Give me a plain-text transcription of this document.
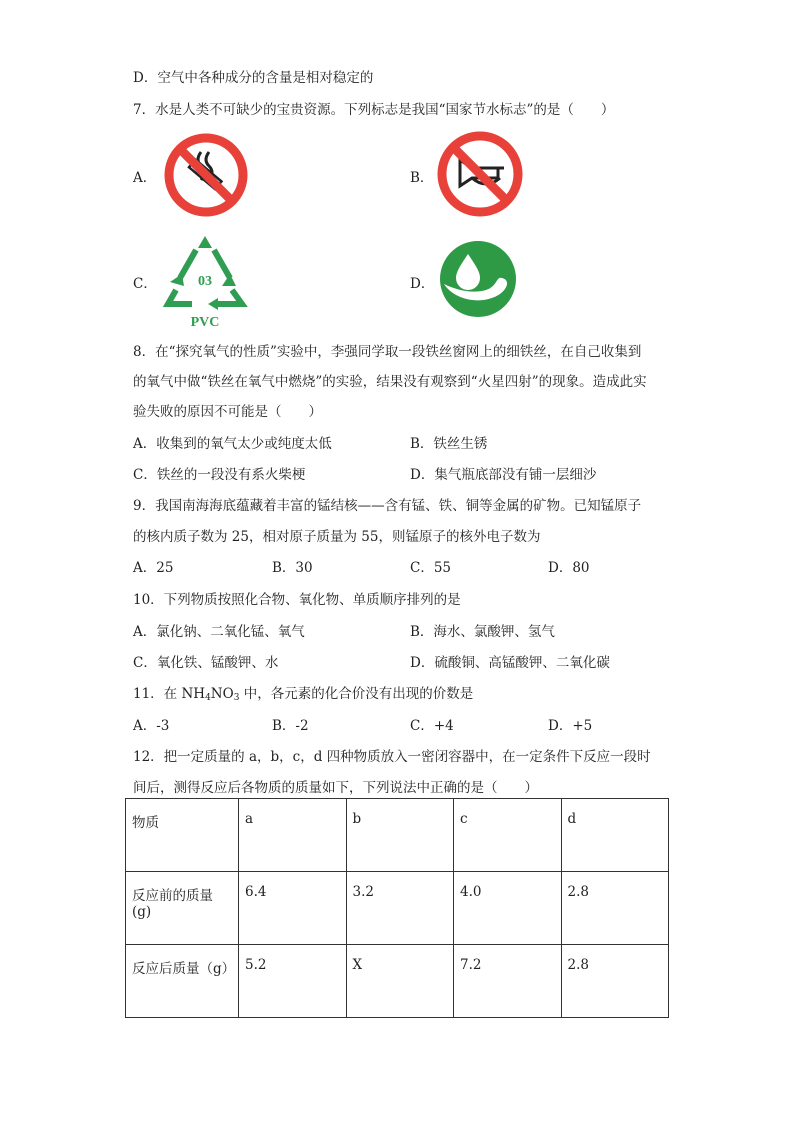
D．空气中各种成分的含量是相对稳定的
7．水是人类不可缺少的宝贵资源。下列标志是我国“国家节水标志”的是（　　）
A．	B．
C．	03
PVC
D．
8．在“探究氧气的性质”实验中，李强同学取一段铁丝窗网上的细铁丝，在自己收集到
的氧气中做“铁丝在氧气中燃烧”的实验，结果没有观察到“火星四射”的现象。造成此实
验失败的原因不可能是（　　）
A．收集到的氧气太少或纯度太低	B．铁丝生锈
C．铁丝的一段没有系火柴梗	D．集气瓶底部没有铺一层细沙
9．我国南海海底蕴藏着丰富的锰结核——含有锰、铁、铜等金属的矿物。已知锰原子
的核内质子数为 25，相对原子质量为 55，则锰原子的核外电子数为
A．25	B．30	C．55	D．80
10．下列物质按照化合物、氧化物、单质顺序排列的是
A．氯化钠、二氧化锰、氧气	B．海水、氯酸钾、氢气
C．氧化铁、锰酸钾、水	D．硫酸铜、高锰酸钾、二氧化碳
11．在 $NH_4NO_3$ 中，各元素的化合价没有出现的价数是
A．-3	B．-2	C．+4	D．+5
12．把一定质量的 a，b，c，d 四种物质放入一密闭容器中，在一定条件下反应一段时
间后，测得反应后各物质的质量如下，下列说法中正确的是（　　）
物质	a	b	c	d
反应前的质量(g)	6.4	3.2	4.0	2.8
反应后质量（g）	5.2	X	7.2	2.8
